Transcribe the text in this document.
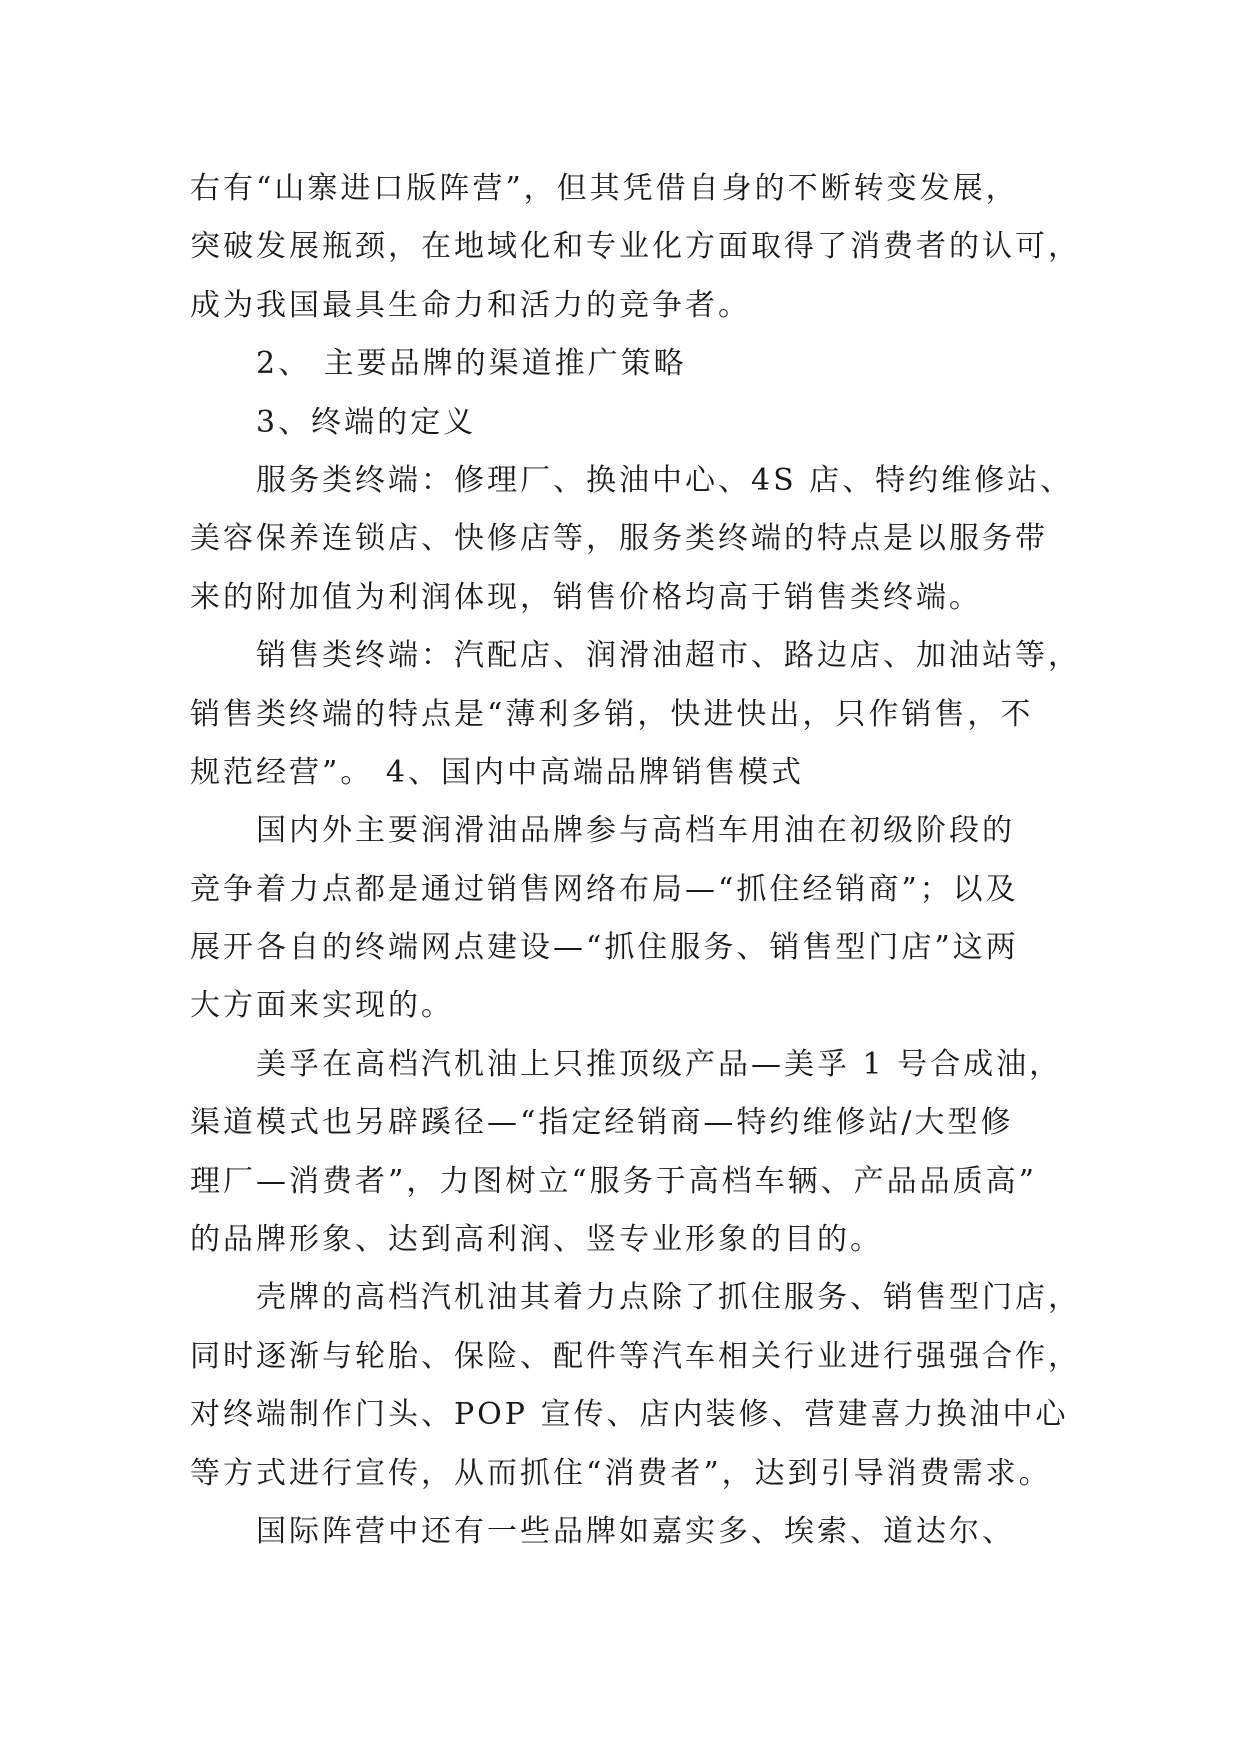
右有“山寨进口版阵营”，但其凭借自身的不断转变发展，
突破发展瓶颈，在地域化和专业化方面取得了消费者的认可，
成为我国最具生命力和活力的竞争者。
2、 主要品牌的渠道推广策略
3、终端的定义
服务类终端：修理厂、换油中心、4S 店、特约维修站、
美容保养连锁店、快修店等，服务类终端的特点是以服务带
来的附加值为利润体现，销售价格均高于销售类终端。
销售类终端：汽配店、润滑油超市、路边店、加油站等，
销售类终端的特点是“薄利多销，快进快出，只作销售，不
规范经营”。 4、国内中高端品牌销售模式
国内外主要润滑油品牌参与高档车用油在初级阶段的
竞争着力点都是通过销售网络布局—“抓住经销商”；以及
展开各自的终端网点建设—“抓住服务、销售型门店”这两
大方面来实现的。
美孚在高档汽机油上只推顶级产品—美孚 1 号合成油，
渠道模式也另辟蹊径—“指定经销商—特约维修站/大型修
理厂—消费者”，力图树立“服务于高档车辆、产品品质高”
的品牌形象、达到高利润、竖专业形象的目的。
壳牌的高档汽机油其着力点除了抓住服务、销售型门店，
同时逐渐与轮胎、保险、配件等汽车相关行业进行强强合作，
对终端制作门头、POP 宣传、店内装修、营建喜力换油中心
等方式进行宣传，从而抓住“消费者”，达到引导消费需求。
国际阵营中还有一些品牌如嘉实多、埃索、道达尔、
